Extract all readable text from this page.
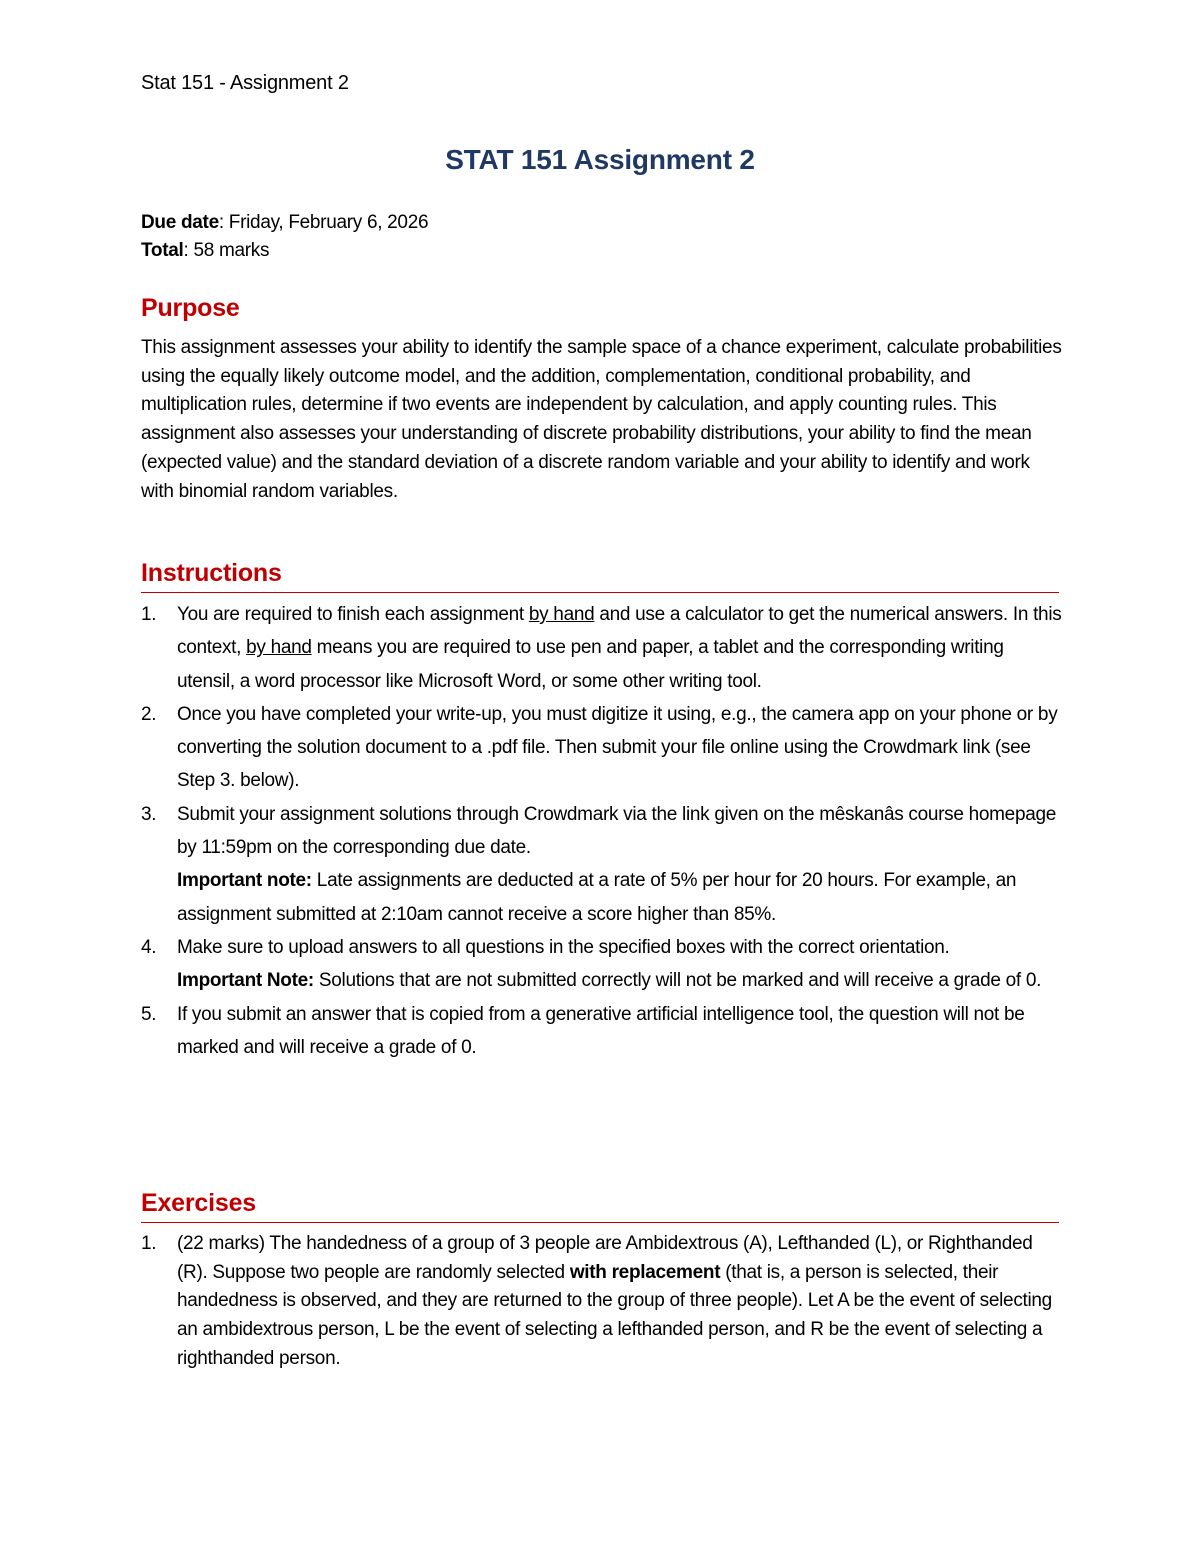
Stat 151 - Assignment 2
STAT 151 Assignment 2
Due date: Friday, February 6, 2026
Total: 58 marks
Purpose
This assignment assesses your ability to identify the sample space of a chance experiment, calculate probabilities using the equally likely outcome model, and the addition, complementation, conditional probability, and multiplication rules, determine if two events are independent by calculation, and apply counting rules. This assignment also assesses your understanding of discrete probability distributions, your ability to find the mean (expected value) and the standard deviation of a discrete random variable and your ability to identify and work with binomial random variables.
Instructions
1. You are required to finish each assignment by hand and use a calculator to get the numerical answers. In this context, by hand means you are required to use pen and paper, a tablet and the corresponding writing utensil, a word processor like Microsoft Word, or some other writing tool.
2. Once you have completed your write-up, you must digitize it using, e.g., the camera app on your phone or by converting the solution document to a .pdf file. Then submit your file online using the Crowdmark link (see Step 3. below).
3. Submit your assignment solutions through Crowdmark via the link given on the mêskanâs course homepage by 11:59pm on the corresponding due date.
Important note: Late assignments are deducted at a rate of 5% per hour for 20 hours. For example, an assignment submitted at 2:10am cannot receive a score higher than 85%.
4. Make sure to upload answers to all questions in the specified boxes with the correct orientation.
Important Note: Solutions that are not submitted correctly will not be marked and will receive a grade of 0.
5. If you submit an answer that is copied from a generative artificial intelligence tool, the question will not be marked and will receive a grade of 0.
Exercises
1. (22 marks) The handedness of a group of 3 people are Ambidextrous (A), Lefthanded (L), or Righthanded (R). Suppose two people are randomly selected with replacement (that is, a person is selected, their handedness is observed, and they are returned to the group of three people). Let A be the event of selecting an ambidextrous person, L be the event of selecting a lefthanded person, and R be the event of selecting a righthanded person.
